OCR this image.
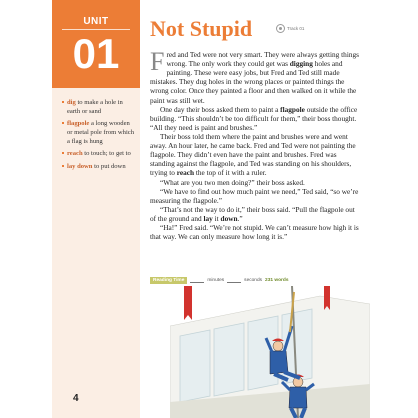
UNIT
01
dig to make a hole in earth or sand
flagpole a long wooden or metal pole from which a flag is hung
reach to touch; to get to
lay down to put down
4
Not Stupid	Track 01

Fred and Ted were not very smart. They were always getting things wrong. The only work they could get was digging holes and painting. These were easy jobs, but Fred and Ted still made mistakes. They dug holes in the wrong places or painted things the wrong color. Once they painted a floor and then walked on it while the paint was still wet.

One day their boss asked them to paint a flagpole outside the office building. “This shouldn’t be too difficult for them,” their boss thought. “All they need is paint and brushes.”

Their boss told them where the paint and brushes were and went away. An hour later, he came back. Fred and Ted were not painting the flagpole. They didn’t even have the paint and brushes. Fred was standing against the flagpole, and Ted was standing on his shoulders, trying to reach the top of it with a ruler.

“What are you two men doing?” their boss asked.

“We have to find out how much paint we need,” Ted said, “so we’re measuring the flagpole.”

“That’s not the way to do it,” their boss said. “Pull the flagpole out of the ground and lay it down.”

“Ha!” Fred said. “We’re not stupid. We can’t measure how high it is that way. We can only measure how long it is.”

Reading Time	minutes	seconds 231 words
